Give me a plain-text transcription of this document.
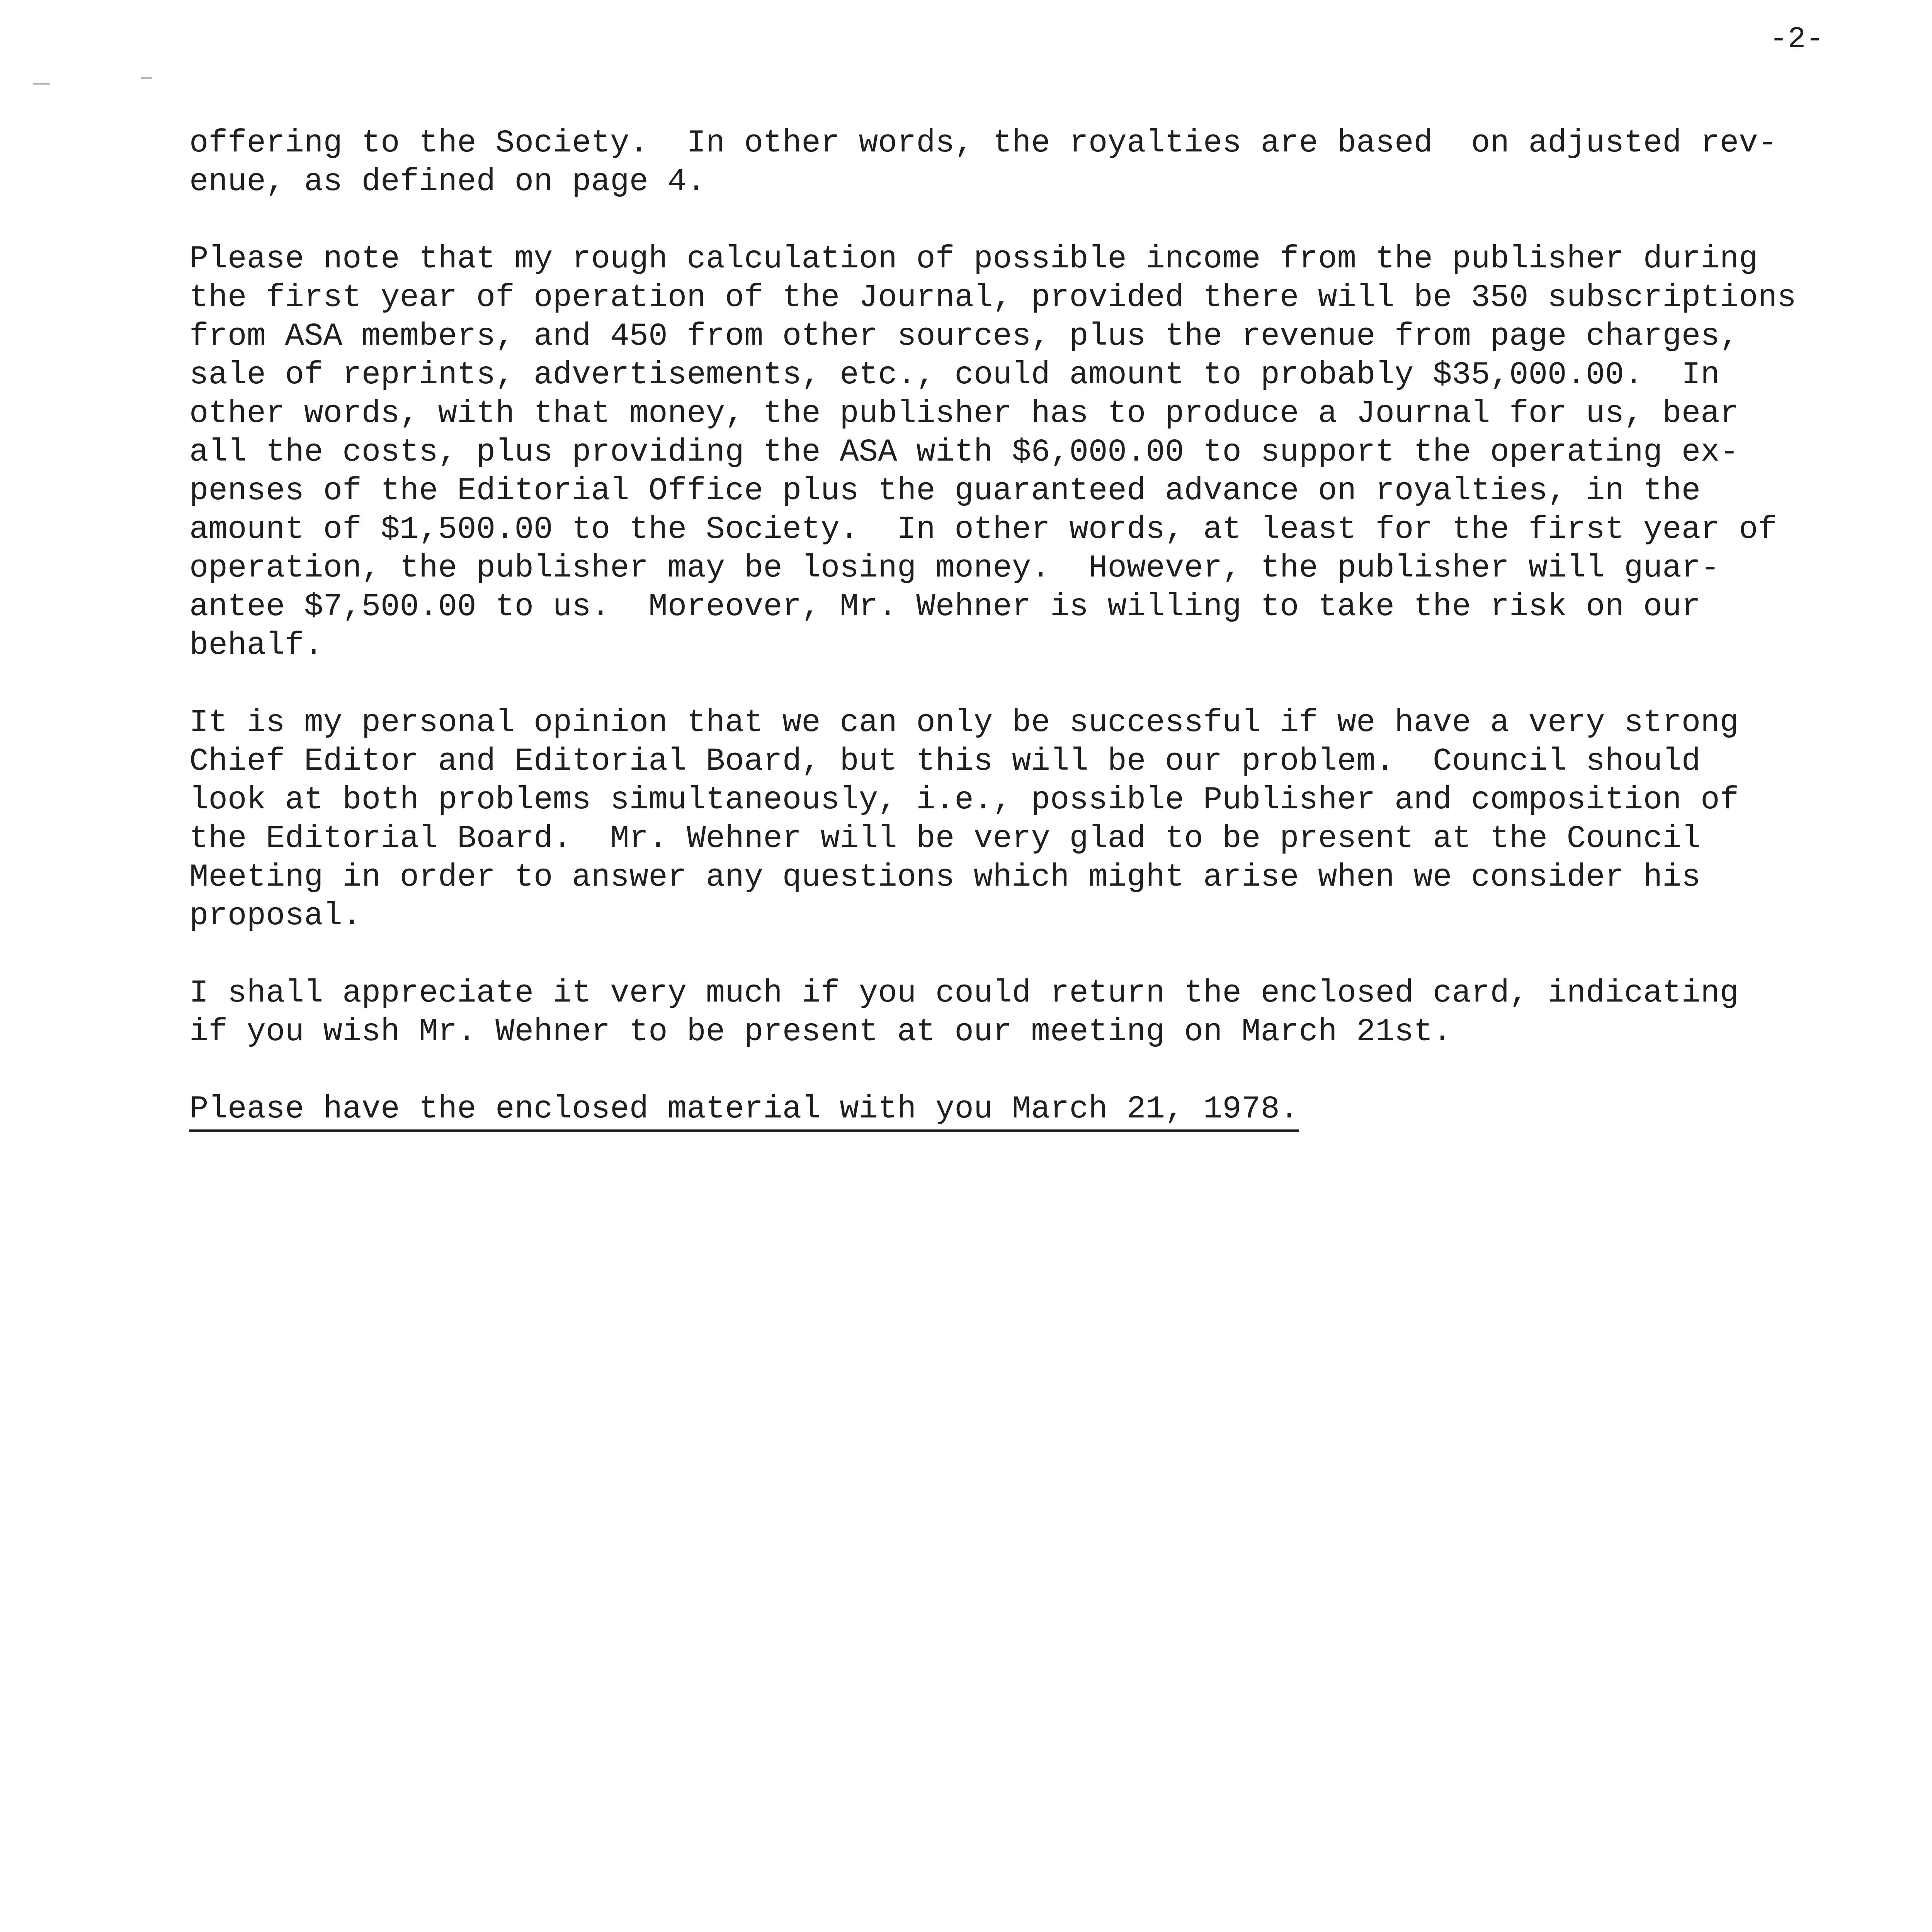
-2-

offering to the Society.  In other words, the royalties are based  on adjusted rev-
enue, as defined on page 4.

Please note that my rough calculation of possible income from the publisher during
the first year of operation of the Journal, provided there will be 350 subscriptions
from ASA members, and 450 from other sources, plus the revenue from page charges,
sale of reprints, advertisements, etc., could amount to probably $35,000.00.  In
other words, with that money, the publisher has to produce a Journal for us, bear
all the costs, plus providing the ASA with $6,000.00 to support the operating ex-
penses of the Editorial Office plus the guaranteed advance on royalties, in the
amount of $1,500.00 to the Society.  In other words, at least for the first year of
operation, the publisher may be losing money.  However, the publisher will guar-
antee $7,500.00 to us.  Moreover, Mr. Wehner is willing to take the risk on our
behalf.

It is my personal opinion that we can only be successful if we have a very strong
Chief Editor and Editorial Board, but this will be our problem.  Council should
look at both problems simultaneously, i.e., possible Publisher and composition of
the Editorial Board.  Mr. Wehner will be very glad to be present at the Council
Meeting in order to answer any questions which might arise when we consider his
proposal.

I shall appreciate it very much if you could return the enclosed card, indicating
if you wish Mr. Wehner to be present at our meeting on March 21st.

Please have the enclosed material with you March 21, 1978.
